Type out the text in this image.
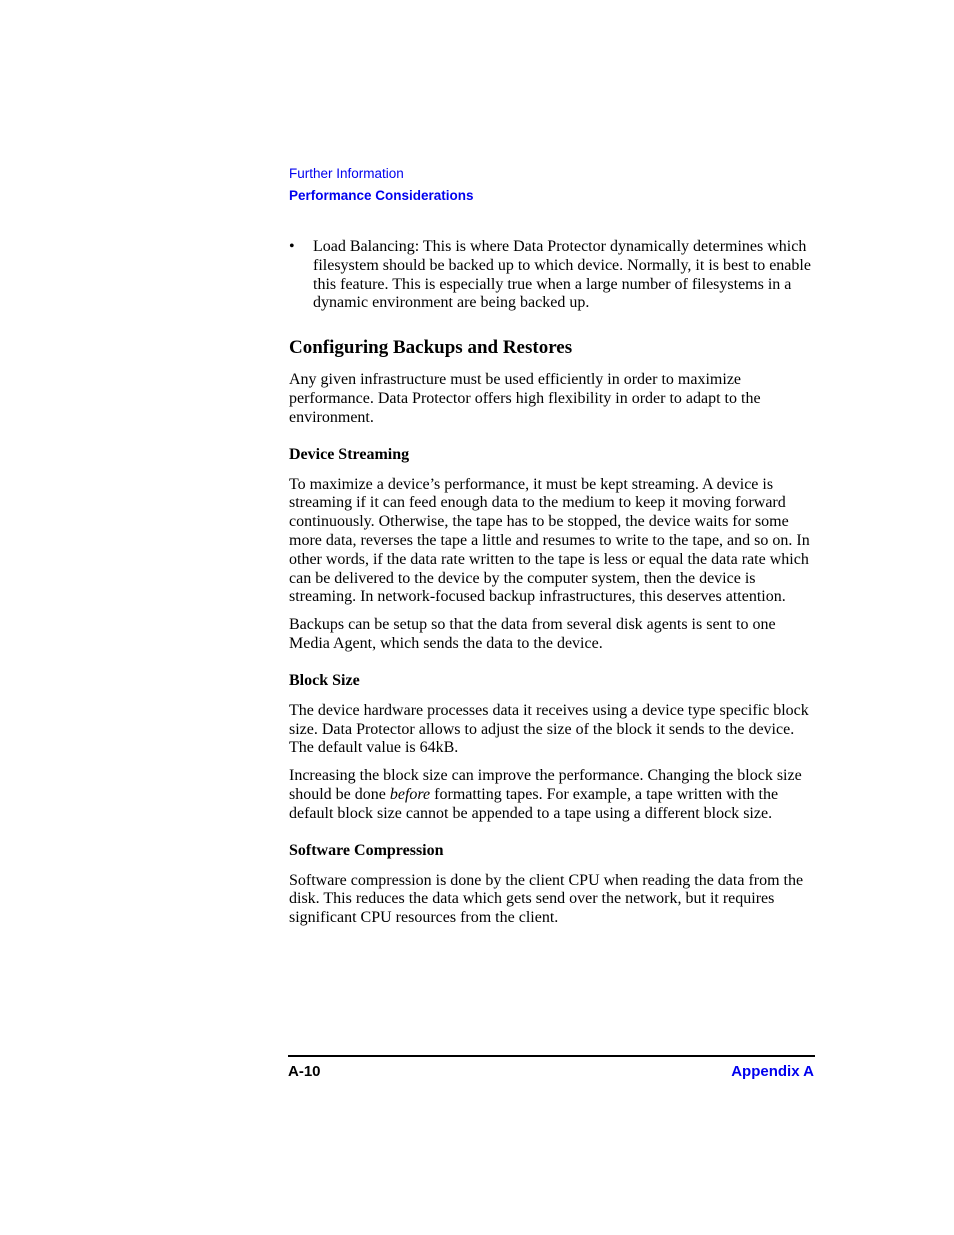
Further Information
Performance Considerations
• Load Balancing: This is where Data Protector dynamically determines which filesystem should be backed up to which device. Normally, it is best to enable this feature. This is especially true when a large number of filesystems in a dynamic environment are being backed up.
Configuring Backups and Restores

Any given infrastructure must be used efficiently in order to maximize performance. Data Protector offers high flexibility in order to adapt to the environment.

Device Streaming

To maximize a device’s performance, it must be kept streaming. A device is streaming if it can feed enough data to the medium to keep it moving forward continuously. Otherwise, the tape has to be stopped, the device waits for some more data, reverses the tape a little and resumes to write to the tape, and so on. In other words, if the data rate written to the tape is less or equal the data rate which can be delivered to the device by the computer system, then the device is streaming. In network-focused backup infrastructures, this deserves attention.

Backups can be setup so that the data from several disk agents is sent to one Media Agent, which sends the data to the device.

Block Size

The device hardware processes data it receives using a device type specific block size. Data Protector allows to adjust the size of the block it sends to the device. The default value is 64kB.

Increasing the block size can improve the performance. Changing the block size should be done before formatting tapes. For example, a tape written with the default block size cannot be appended to a tape using a different block size.

Software Compression

Software compression is done by the client CPU when reading the data from the disk. This reduces the data which gets send over the network, but it requires significant CPU resources from the client.

A-10	Appendix A
